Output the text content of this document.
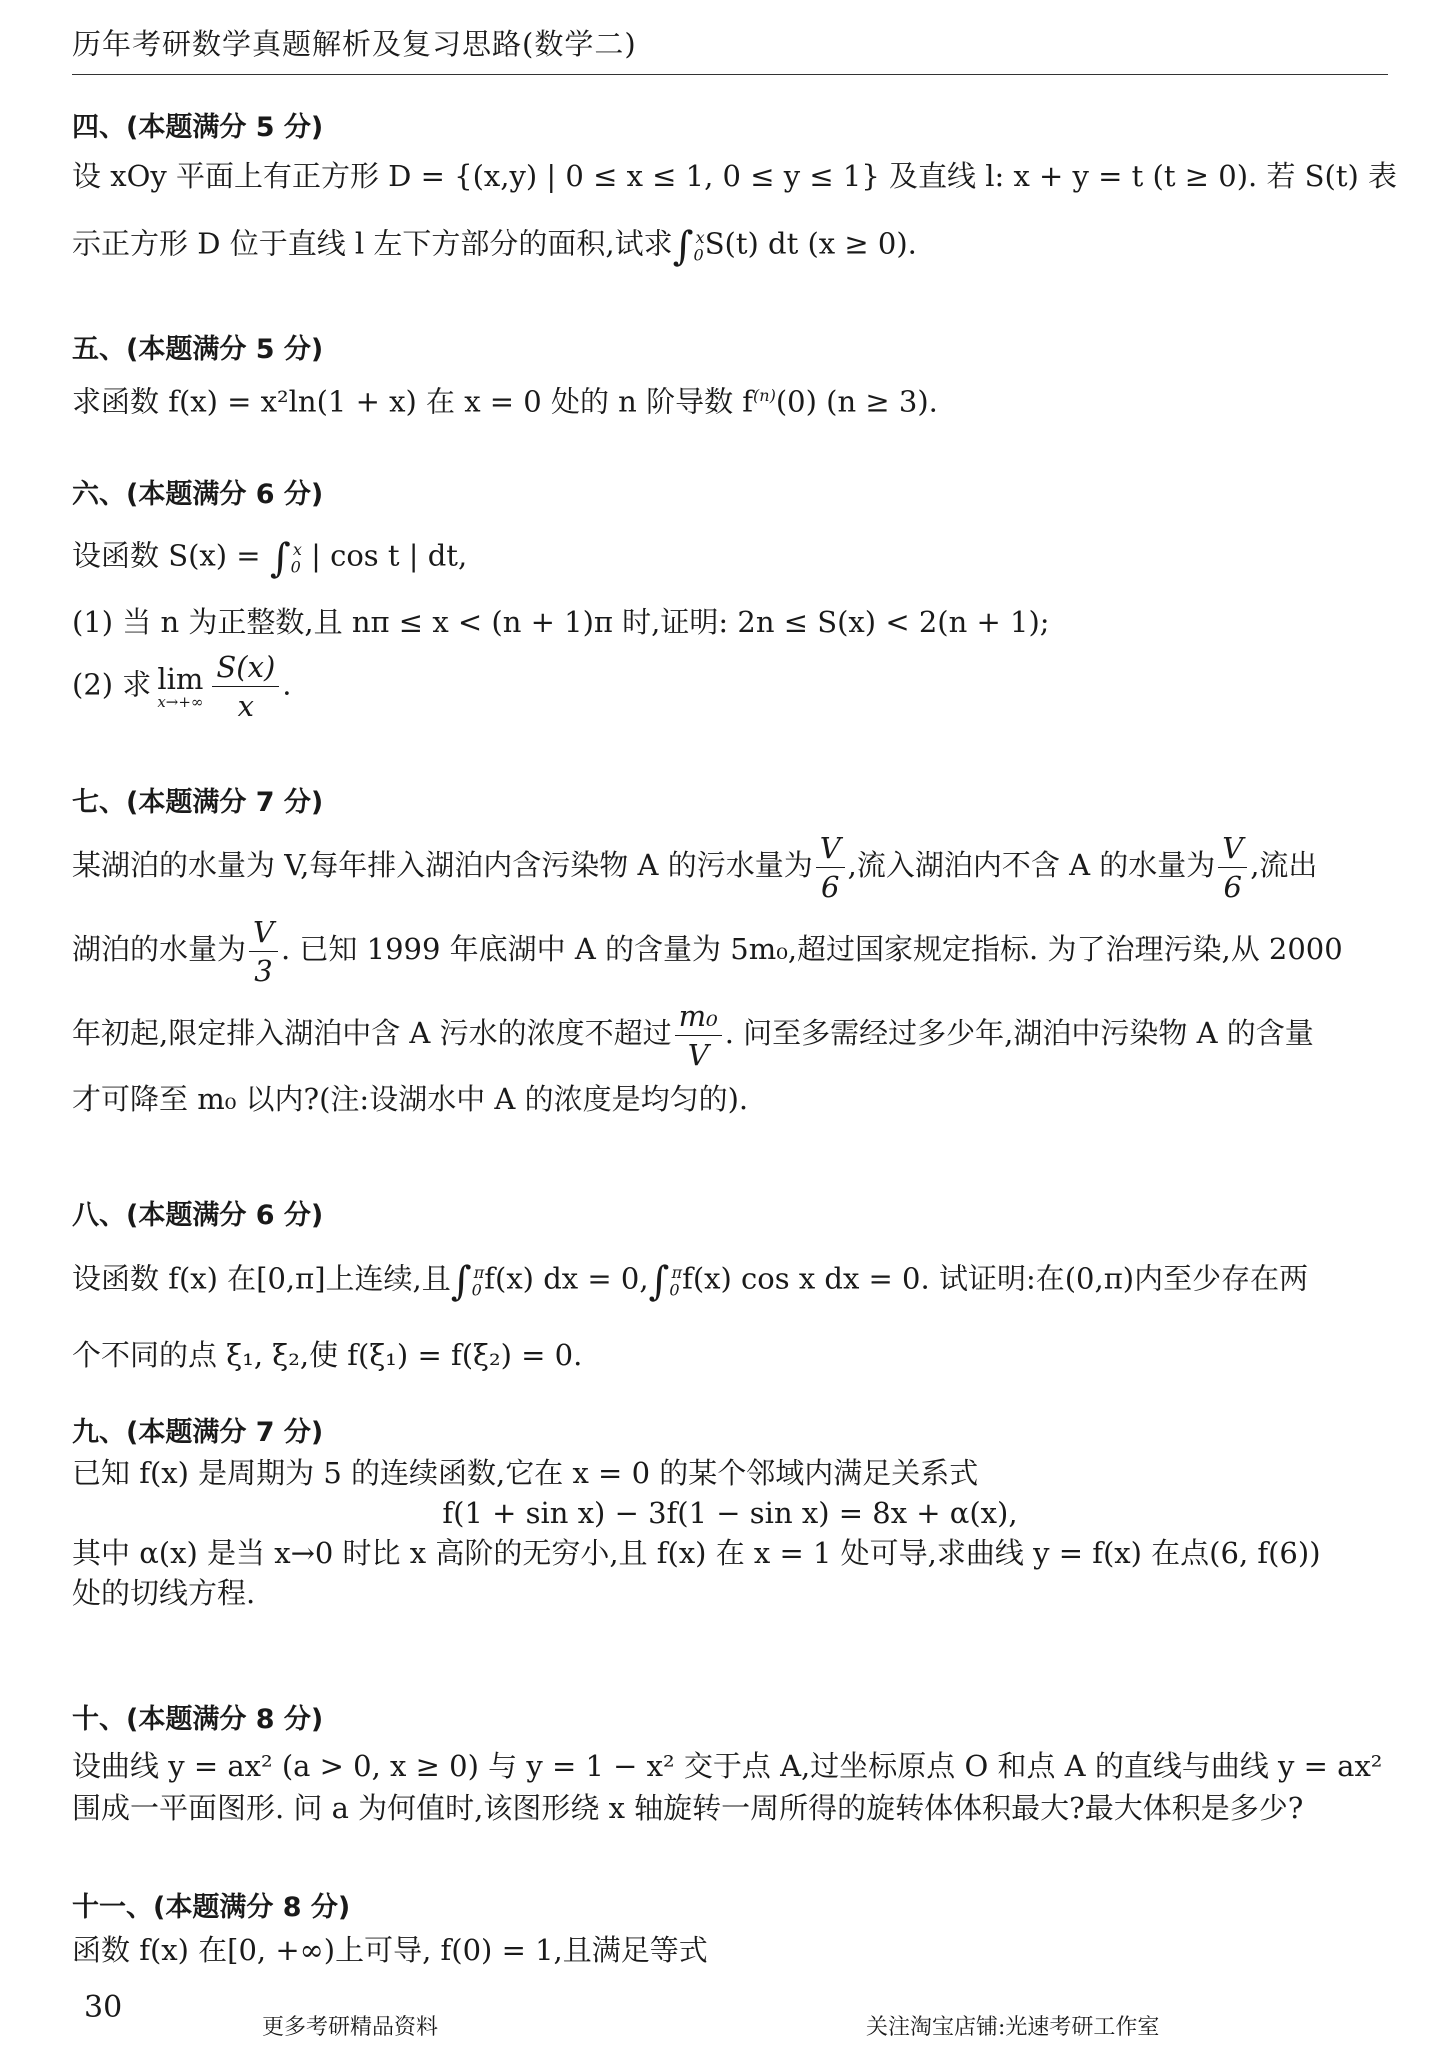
历年考研数学真题解析及复习思路(数学二)
四、(本题满分 5 分)
设 xOy 平面上有正方形 D = {(x,y) | 0 ≤ x ≤ 1, 0 ≤ y ≤ 1} 及直线 l: x + y = t (t ≥ 0). 若 S(t) 表
示正方形 D 位于直线 l 左下方部分的面积,试求$\int_0^xS(t)$ dt (x ≥ 0).
五、(本题满分 5 分)
求函数 f(x) = x²ln(1 + x) 在 x = 0 处的 n 阶导数 $f^{(n)}(0) (n \ge 3)$.
六、(本题满分 6 分)
设函数 $S(x) = \int_0^x$ | cos t | dt,
(1) 当 n 为正整数,且 nπ ≤ x < (n + 1)π 时,证明: 2n ≤ S(x) < 2(n + 1);
(2) 求 lim
$x\to+\infty \frac{S(x)}{x}$ .
七、(本题满分 7 分)
某湖泊的水量为 V,每年排入湖泊内含污染物 A 的污水量为 $\frac{V}{6}$ ,流入湖泊内不含 A 的水量为 $\frac{V}{6}$ ,流出
湖泊的水量为 $\frac{V}{3}$ . 已知 1999 年底湖中 A 的含量为 5m₀,超过国家规定指标. 为了治理污染,从 2000
年初起,限定排入湖泊中含 A 污水的浓度不超过 $\frac{\text{m₀}}{V}$ . 问至多需经过多少年,湖泊中污染物 A 的含量
才可降至 m₀ 以内?(注:设湖水中 A 的浓度是均匀的).
八、(本题满分 6 分)
设函数 f(x) 在[0,π]上连续,且$\int_0^\pi f(x)$ dx = $0,\int_0^\pi f(x)$ cos x dx = 0. 试证明:在(0,π)内至少存在两
个不同的点 ξ₁, ξ₂,使 f(ξ₁) = f(ξ₂) = 0.
九、(本题满分 7 分)
已知 f(x) 是周期为 5 的连续函数,它在 x = 0 的某个邻域内满足关系式
f(1 + sin x) − 3f(1 − sin x) = 8x + α(x),
其中 α(x) 是当 x→0 时比 x 高阶的无穷小,且 f(x) 在 x = 1 处可导,求曲线 y = f(x) 在点(6, f(6))
处的切线方程.
十、(本题满分 8 分)
设曲线 y = ax² (a > 0, x ≥ 0) 与 y = 1 − x² 交于点 A,过坐标原点 O 和点 A 的直线与曲线 y = ax²
围成一平面图形. 问 a 为何值时,该图形绕 x 轴旋转一周所得的旋转体体积最大?最大体积是多少?
十一、(本题满分 8 分)
函数 f(x) 在[0, +∞)上可导, f(0) = 1,且满足等式
30
更多考研精品资料	关注淘宝店铺:光速考研工作室
